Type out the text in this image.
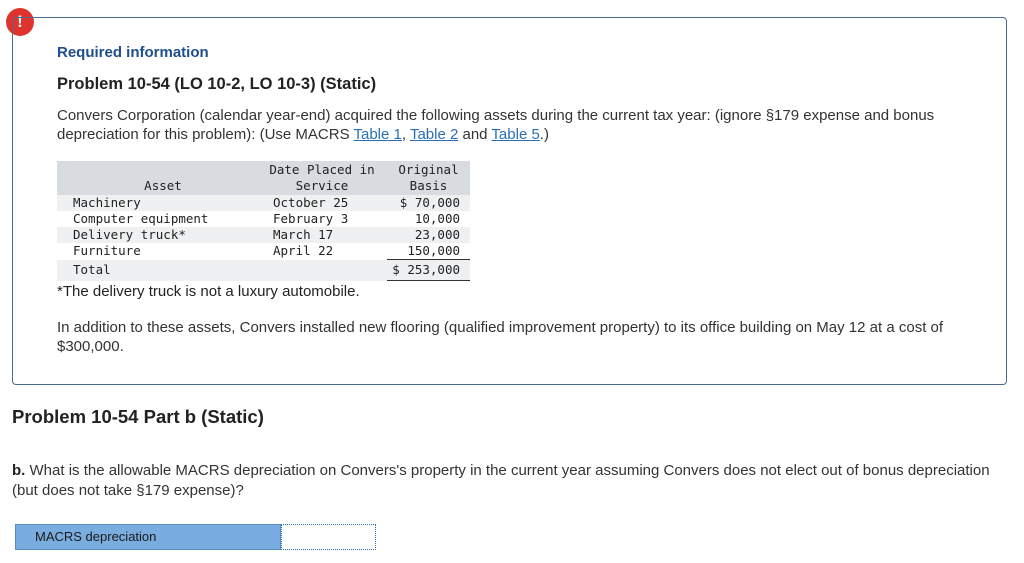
!
Required information
Problem 10-54 (LO 10-2, LO 10-3) (Static)
Convers Corporation (calendar year-end) acquired the following assets during the current tax year: (ignore §179 expense and bonus depreciation for this problem): (Use MACRS Table 1, Table 2 and Table 5.)
Asset	Date Placed in Service	Original Basis
Machinery	October 25	$ 70,000
Computer equipment	February 3	10,000
Delivery truck*	March 17	23,000
Furniture	April 22	150,000
Total		$ 253,000
*The delivery truck is not a luxury automobile.
In addition to these assets, Convers installed new flooring (qualified improvement property) to its office building on May 12 at a cost of $300,000.
Problem 10-54 Part b (Static)
b. What is the allowable MACRS depreciation on Convers's property in the current year assuming Convers does not elect out of bonus depreciation (but does not take §179 expense)?
MACRS depreciation
